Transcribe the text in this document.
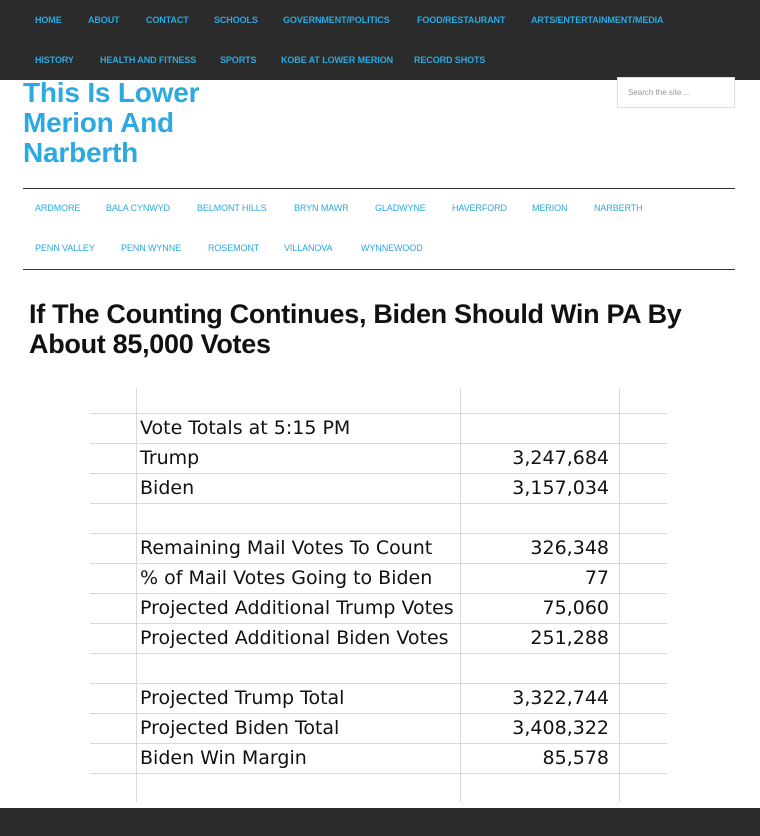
HOME	ABOUT	CONTACT	SCHOOLS	GOVERNMENT/POLITICS	FOOD/RESTAURANT	ARTS/ENTERTAINMENT/MEDIA
HISTORY	HEALTH AND FITNESS	SPORTS	KOBE AT LOWER MERION RECORD SHOTS
This Is Lower Merion And Narberth
Search the site ...
ARDMORE	BALA CYNWYD	BELMONT HILLS	BRYN MAWR	GLADWYNE	HAVERFORD	MERION	NARBERTH
PENN VALLEY	PENN WYNNE	ROSEMONT	VILLANOVA	WYNNEWOOD
If The Counting Continues, Biden Should Win PA By About 85,000 Votes
Vote Totals at 5:15 PM
Trump	3,247,684
Biden	3,157,034
Remaining Mail Votes To Count	326,348
% of Mail Votes Going to Biden	77
Projected Additional Trump Votes	75,060
Projected Additional Biden Votes	251,288
Projected Trump Total	3,322,744
Projected Biden Total	3,408,322
Biden Win Margin	85,578
